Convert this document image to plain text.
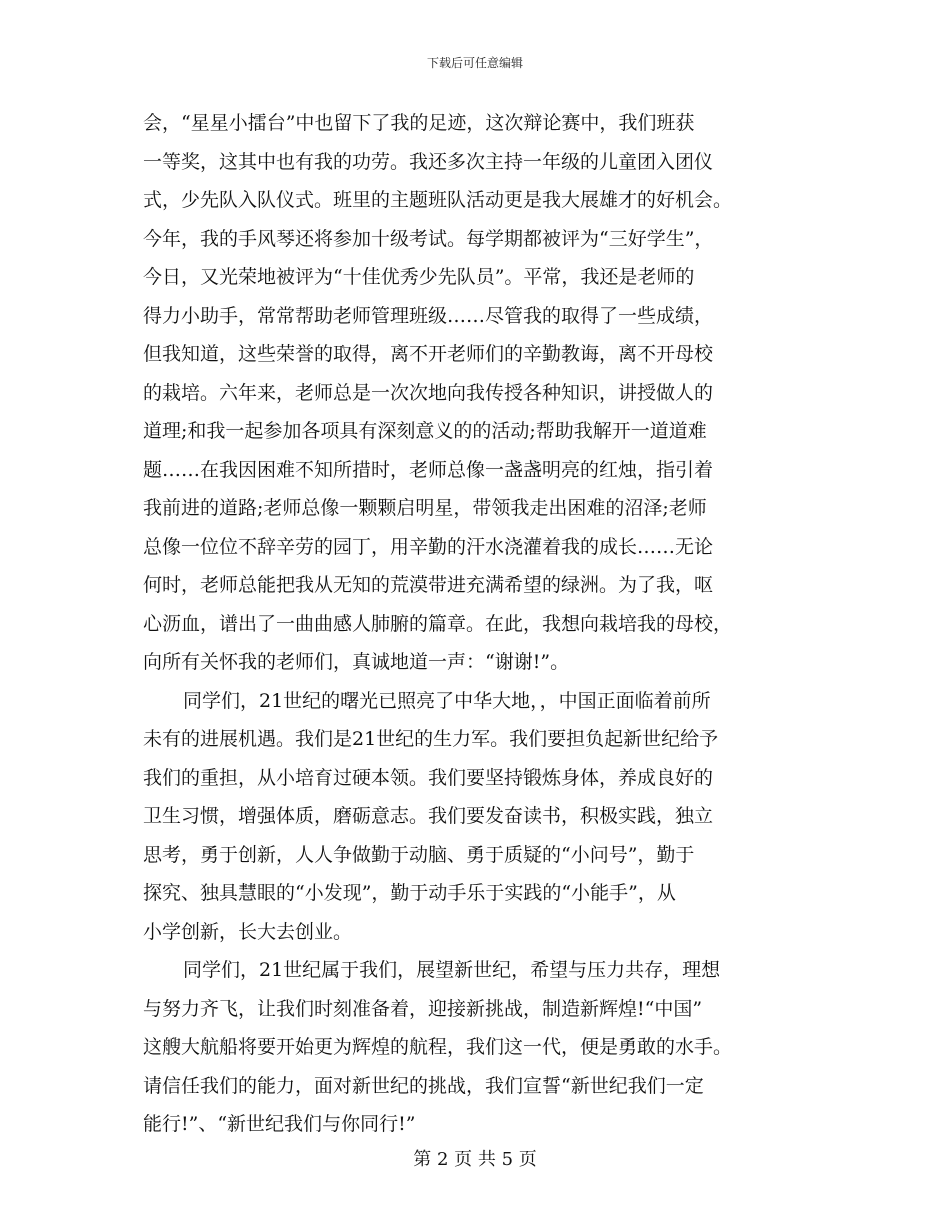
下载后可任意编辑
会，“星星小擂台”中也留下了我的足迹，这次辩论赛中，我们班获
一等奖，这其中也有我的功劳。我还多次主持一年级的儿童团入团仪
式，少先队入队仪式。班里的主题班队活动更是我大展雄才的好机会。
今年，我的手风琴还将参加十级考试。每学期都被评为“三好学生”，
今日，又光荣地被评为“十佳优秀少先队员”。平常，我还是老师的
得力小助手，常常帮助老师管理班级……尽管我的取得了一些成绩，
但我知道，这些荣誉的取得，离不开老师们的辛勤教诲，离不开母校
的栽培。六年来，老师总是一次次地向我传授各种知识，讲授做人的
道理;和我一起参加各项具有深刻意义的的活动;帮助我解开一道道难
题……在我因困难不知所措时，老师总像一盏盏明亮的红烛，指引着
我前进的道路;老师总像一颗颗启明星，带领我走出困难的沼泽;老师
总像一位位不辞辛劳的园丁，用辛勤的汗水浇灌着我的成长……无论
何时，老师总能把我从无知的荒漠带进充满希望的绿洲。为了我，呕
心沥血，谱出了一曲曲感人肺腑的篇章。在此，我想向栽培我的母校，
向所有关怀我的老师们，真诚地道一声：“谢谢!”。
同学们，21世纪的曙光已照亮了中华大地，，中国正面临着前所
未有的进展机遇。我们是21世纪的生力军。我们要担负起新世纪给予
我们的重担，从小培育过硬本领。我们要坚持锻炼身体，养成良好的
卫生习惯，增强体质，磨砺意志。我们要发奋读书，积极实践，独立
思考，勇于创新，人人争做勤于动脑、勇于质疑的“小问号”，勤于
探究、独具慧眼的“小发现”，勤于动手乐于实践的“小能手”，从
小学创新，长大去创业。
同学们，21世纪属于我们，展望新世纪，希望与压力共存，理想
与努力齐飞，让我们时刻准备着，迎接新挑战，制造新辉煌!“中国”
这艘大航船将要开始更为辉煌的航程，我们这一代，便是勇敢的水手。
请信任我们的能力，面对新世纪的挑战，我们宣誓“新世纪我们一定
能行!”、“新世纪我们与你同行!”
第 2 页 共 5 页
